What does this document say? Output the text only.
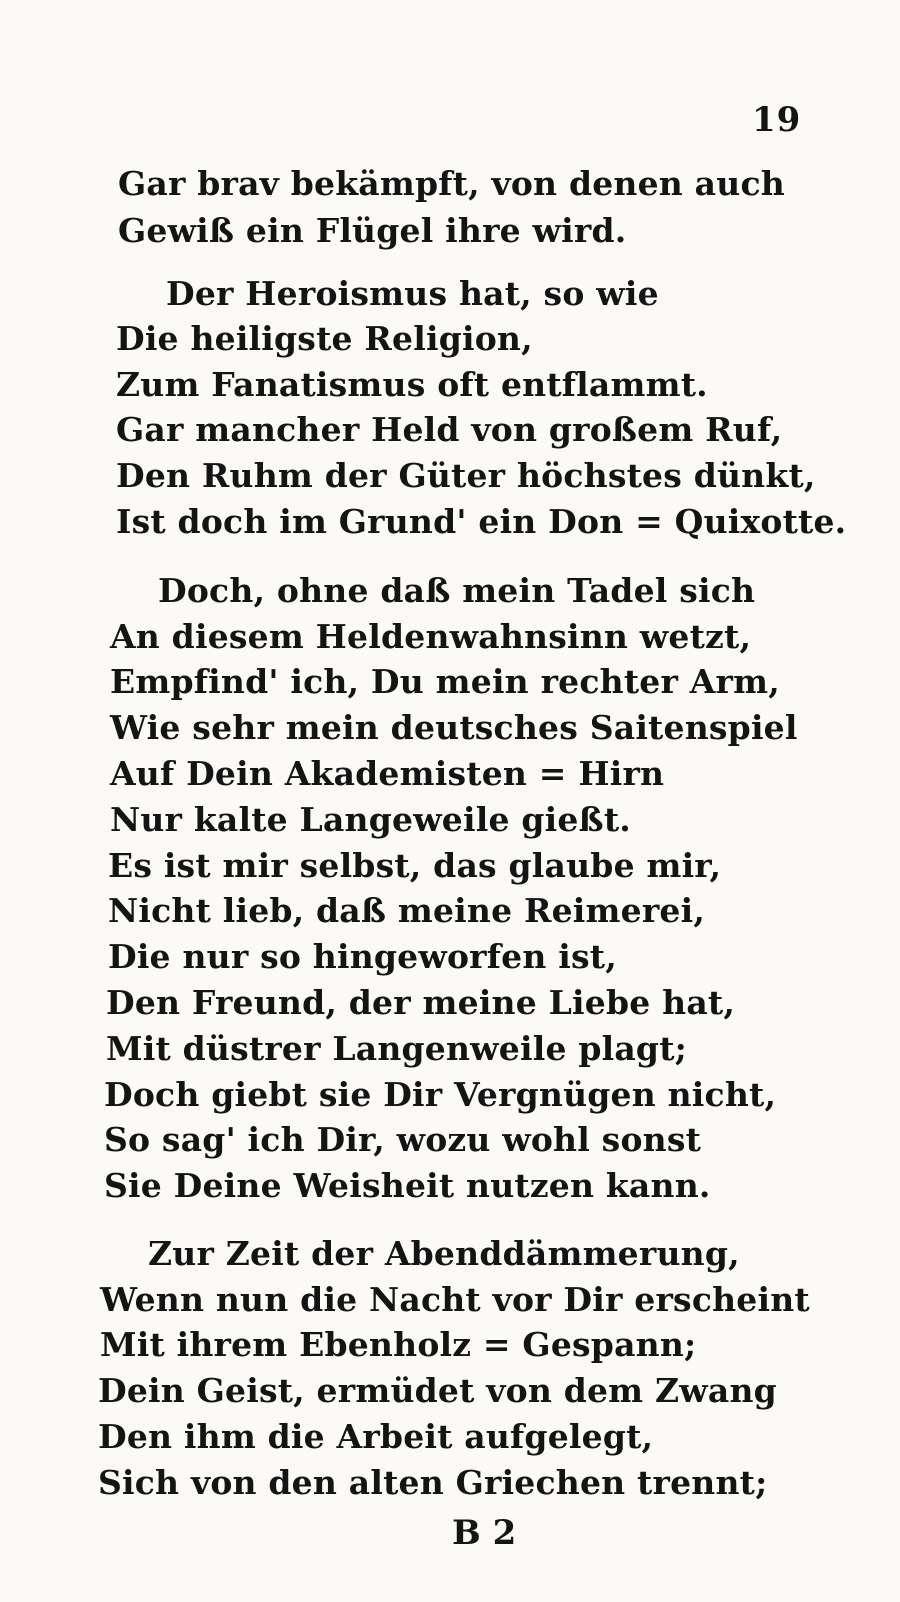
19
Gar brav bekämpft, von denen auch
Gewiß ein Flügel ihre wird.
Der Heroismus hat, so wie
Die heiligste Religion,
Zum Fanatismus oft entflammt.
Gar mancher Held von großem Ruf,
Den Ruhm der Güter höchstes dünkt,
Ist doch im Grund' ein Don = Quixotte.
Doch, ohne daß mein Tadel sich
An diesem Heldenwahnsinn wetzt,
Empfind' ich, Du mein rechter Arm,
Wie sehr mein deutsches Saitenspiel
Auf Dein Akademisten = Hirn
Nur kalte Langeweile gießt.
Es ist mir selbst, das glaube mir,
Nicht lieb, daß meine Reimerei,
Die nur so hingeworfen ist,
Den Freund, der meine Liebe hat,
Mit düstrer Langenweile plagt;
Doch giebt sie Dir Vergnügen nicht,
So sag' ich Dir, wozu wohl sonst
Sie Deine Weisheit nutzen kann.
Zur Zeit der Abenddämmerung,
Wenn nun die Nacht vor Dir erscheint
Mit ihrem Ebenholz = Gespann;
Dein Geist, ermüdet von dem Zwang
Den ihm die Arbeit aufgelegt,
Sich von den alten Griechen trennt;
B 2
